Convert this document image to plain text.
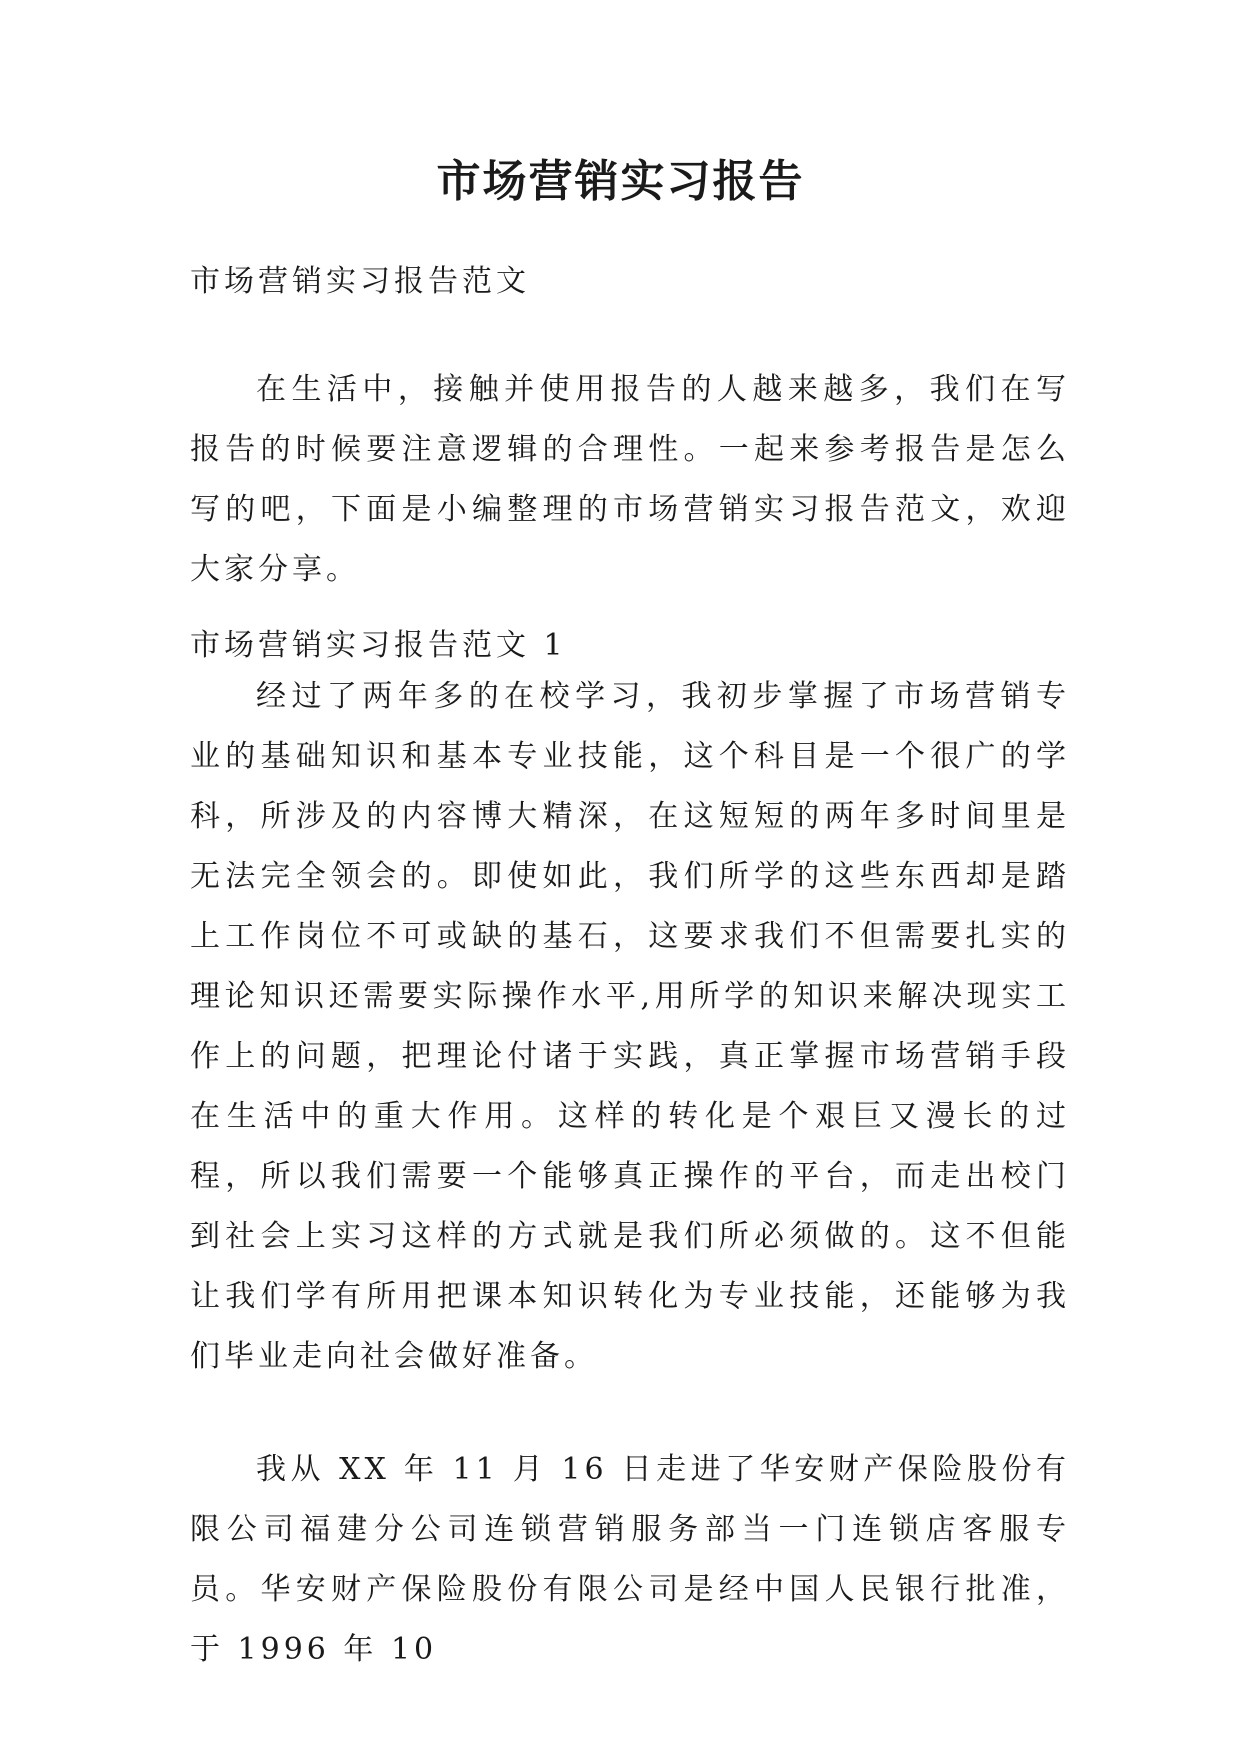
市场营销实习报告

市场营销实习报告范文

在生活中，接触并使用报告的人越来越多，我们在写报告的时候要注意逻辑的合理性。一起来参考报告是怎么写的吧，下面是小编整理的市场营销实习报告范文，欢迎大家分享。

市场营销实习报告范文 1

经过了两年多的在校学习，我初步掌握了市场营销专业的基础知识和基本专业技能，这个科目是一个很广的学科，所涉及的内容博大精深，在这短短的两年多时间里是无法完全领会的。即使如此，我们所学的这些东西却是踏上工作岗位不可或缺的基石，这要求我们不但需要扎实的理论知识还需要实际操作水平,用所学的知识来解决现实工作上的问题，把理论付诸于实践，真正掌握市场营销手段在生活中的重大作用。这样的转化是个艰巨又漫长的过程，所以我们需要一个能够真正操作的平台，而走出校门到社会上实习这样的方式就是我们所必须做的。这不但能让我们学有所用把课本知识转化为专业技能，还能够为我们毕业走向社会做好准备。

我从 XX 年 11 月 16 日走进了华安财产保险股份有限公司福建分公司连锁营销服务部当一门连锁店客服专员。华安财产保险股份有限公司是经中国人民银行批准，于 1996 年 10
